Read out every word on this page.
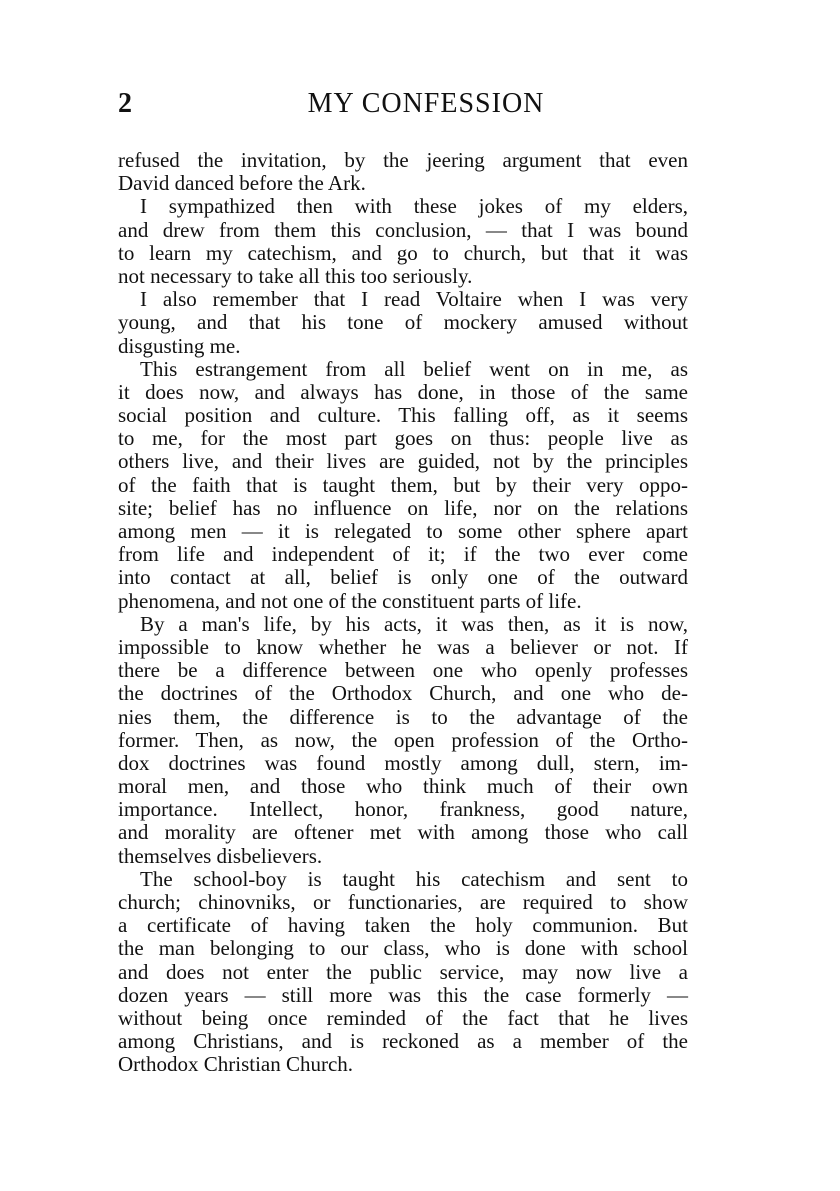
2	MY CONFESSION
refused the invitation, by the jeering argument that even
David danced before the Ark.
I sympathized then with these jokes of my elders,
and drew from them this conclusion, — that I was bound
to learn my catechism, and go to church, but that it was
not necessary to take all this too seriously.
I also remember that I read Voltaire when I was very
young, and that his tone of mockery amused without
disgusting me.
This estrangement from all belief went on in me, as
it does now, and always has done, in those of the same
social position and culture. This falling off, as it seems
to me, for the most part goes on thus: people live as
others live, and their lives are guided, not by the principles
of the faith that is taught them, but by their very oppo-
site; belief has no influence on life, nor on the relations
among men — it is relegated to some other sphere apart
from life and independent of it; if the two ever come
into contact at all, belief is only one of the outward
phenomena, and not one of the constituent parts of life.
By a man's life, by his acts, it was then, as it is now,
impossible to know whether he was a believer or not. If
there be a difference between one who openly professes
the doctrines of the Orthodox Church, and one who de-
nies them, the difference is to the advantage of the
former. Then, as now, the open profession of the Ortho-
dox doctrines was found mostly among dull, stern, im-
moral men, and those who think much of their own
importance. Intellect, honor, frankness, good nature,
and morality are oftener met with among those who call
themselves disbelievers.
The school-boy is taught his catechism and sent to
church; chinovniks, or functionaries, are required to show
a certificate of having taken the holy communion. But
the man belonging to our class, who is done with school
and does not enter the public service, may now live a
dozen years — still more was this the case formerly —
without being once reminded of the fact that he lives
among Christians, and is reckoned as a member of the
Orthodox Christian Church.
